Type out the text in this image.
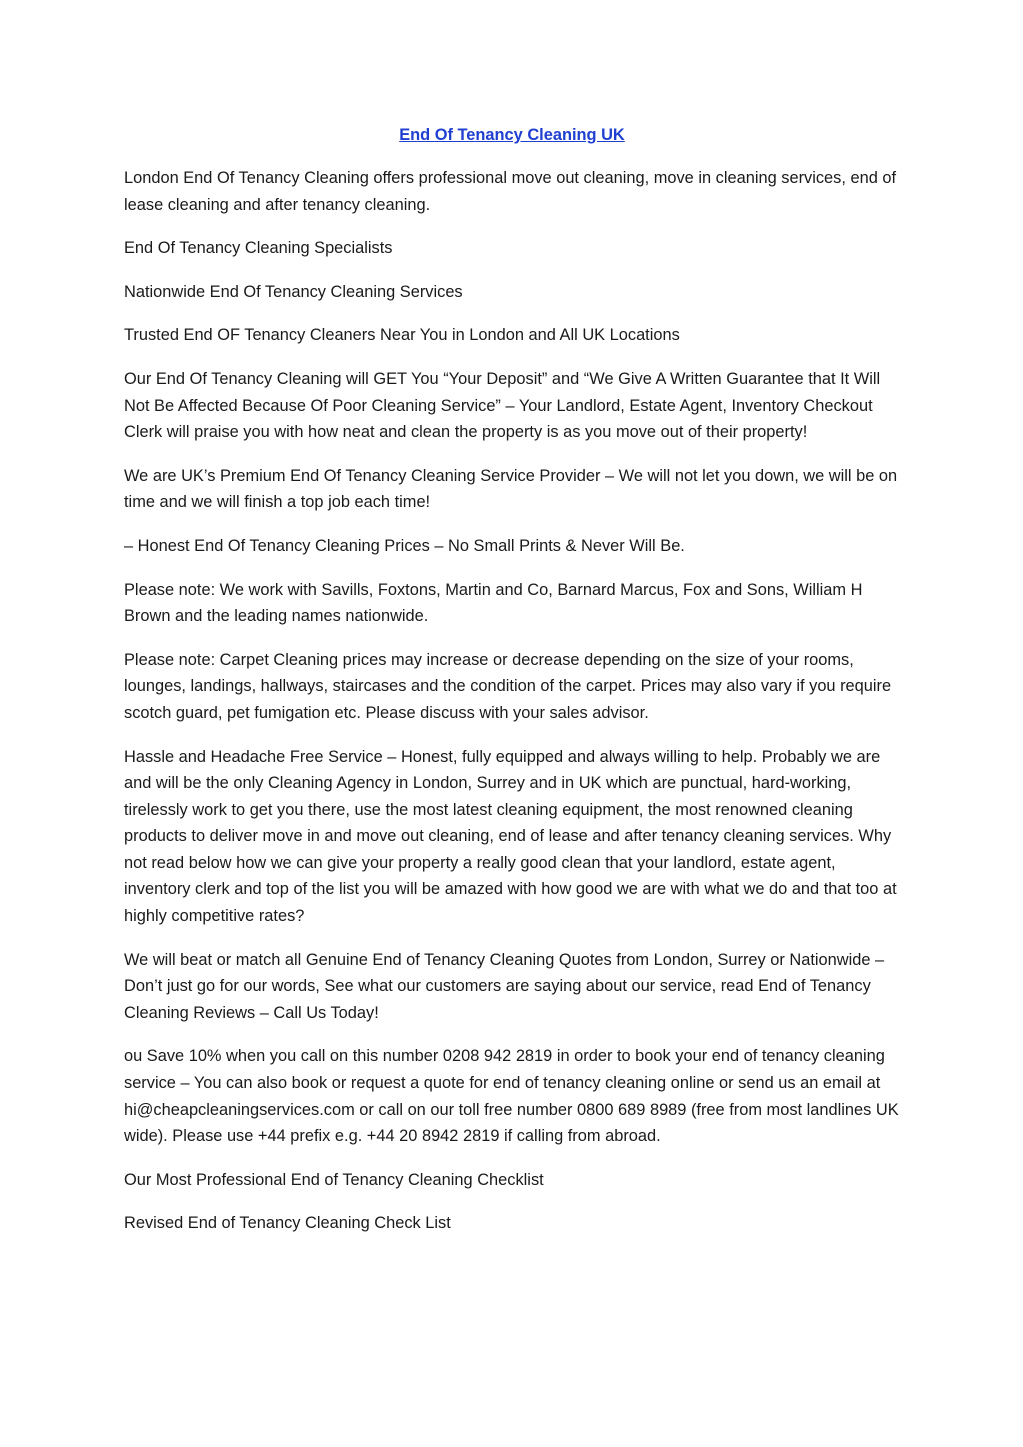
End Of Tenancy Cleaning UK

London End Of Tenancy Cleaning offers professional move out cleaning, move in cleaning services, end of lease cleaning and after tenancy cleaning.

End Of Tenancy Cleaning Specialists

Nationwide End Of Tenancy Cleaning Services

Trusted End OF Tenancy Cleaners Near You in London and All UK Locations

Our End Of Tenancy Cleaning will GET You “Your Deposit” and “We Give A Written Guarantee that It Will Not Be Affected Because Of Poor Cleaning Service” – Your Landlord, Estate Agent, Inventory Checkout Clerk will praise you with how neat and clean the property is as you move out of their property!

We are UK’s Premium End Of Tenancy Cleaning Service Provider – We will not let you down, we will be on time and we will finish a top job each time!

– Honest End Of Tenancy Cleaning Prices – No Small Prints & Never Will Be.

Please note: We work with Savills, Foxtons, Martin and Co, Barnard Marcus, Fox and Sons, William H Brown and the leading names nationwide.

Please note: Carpet Cleaning prices may increase or decrease depending on the size of your rooms, lounges, landings, hallways, staircases and the condition of the carpet. Prices may also vary if you require scotch guard, pet fumigation etc. Please discuss with your sales advisor.

Hassle and Headache Free Service – Honest, fully equipped and always willing to help. Probably we are and will be the only Cleaning Agency in London, Surrey and in UK which are punctual, hard-working, tirelessly work to get you there, use the most latest cleaning equipment, the most renowned cleaning products to deliver move in and move out cleaning, end of lease and after tenancy cleaning services. Why not read below how we can give your property a really good clean that your landlord, estate agent, inventory clerk and top of the list you will be amazed with how good we are with what we do and that too at highly competitive rates?

We will beat or match all Genuine End of Tenancy Cleaning Quotes from London, Surrey or Nationwide – Don’t just go for our words, See what our customers are saying about our service, read End of Tenancy Cleaning Reviews – Call Us Today!

ou Save 10% when you call on this number 0208 942 2819 in order to book your end of tenancy cleaning service – You can also book or request a quote for end of tenancy cleaning online or send us an email at hi@cheapcleaningservices.com or call on our toll free number 0800 689 8989 (free from most landlines UK wide). Please use +44 prefix e.g. +44 20 8942 2819 if calling from abroad.

Our Most Professional End of Tenancy Cleaning Checklist

Revised End of Tenancy Cleaning Check List
